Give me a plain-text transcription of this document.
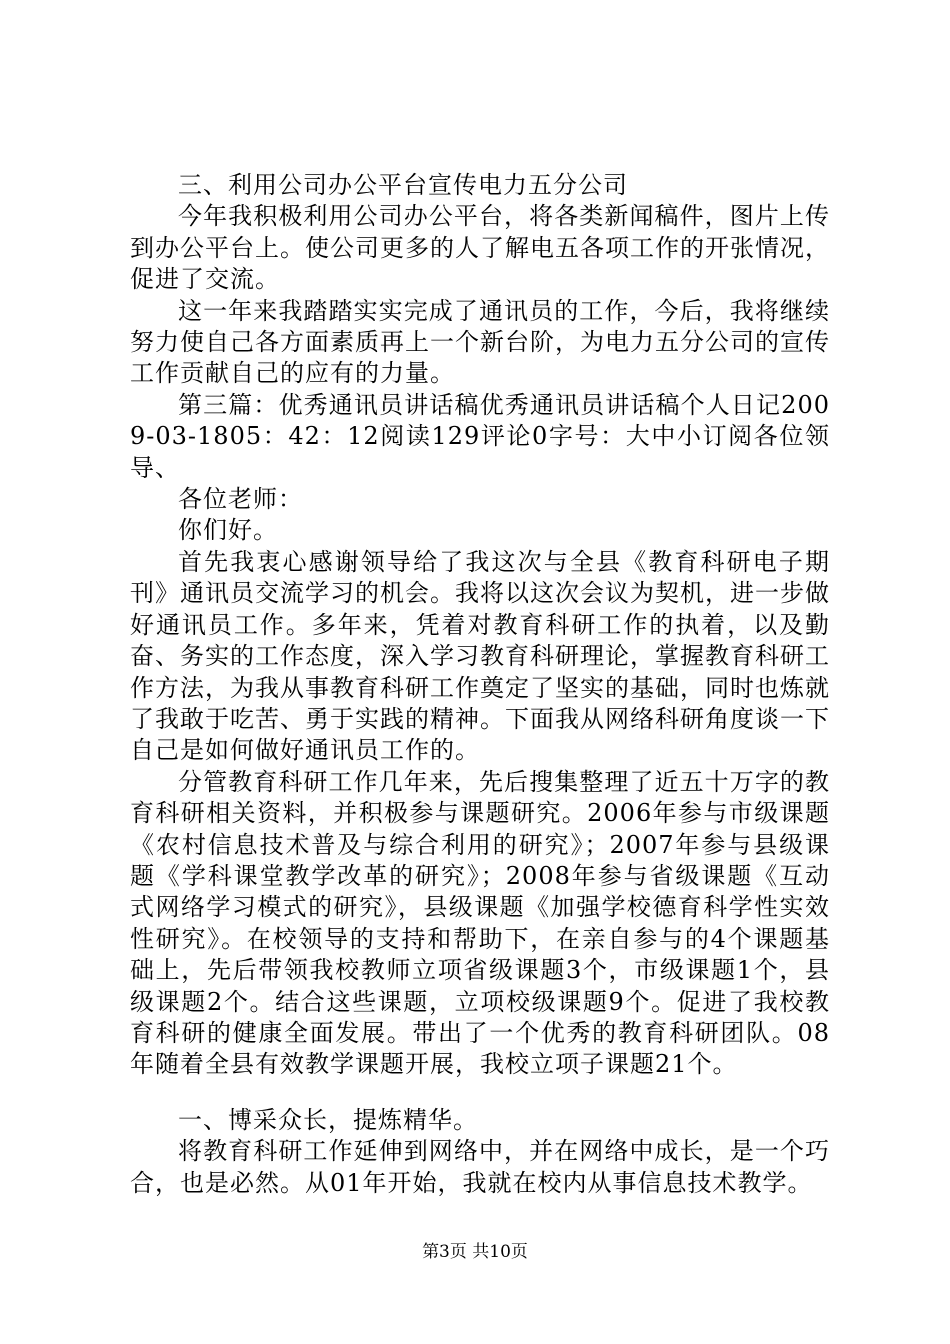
三、利用公司办公平台宣传电力五分公司

今年我积极利用公司办公平台，将各类新闻稿件，图片上传到办公平台上。使公司更多的人了解电五各项工作的开张情况，促进了交流。

这一年来我踏踏实实完成了通讯员的工作，今后，我将继续努力使自己各方面素质再上一个新台阶，为电力五分公司的宣传工作贡献自己的应有的力量。

第三篇：优秀通讯员讲话稿优秀通讯员讲话稿个人日记2009-03-1805：42：12阅读129评论0字号：大中小订阅各位领导、

各位老师：

你们好。

首先我衷心感谢领导给了我这次与全县《教育科研电子期刊》通讯员交流学习的机会。我将以这次会议为契机，进一步做好通讯员工作。多年来，凭着对教育科研工作的执着，以及勤奋、务实的工作态度，深入学习教育科研理论，掌握教育科研工作方法，为我从事教育科研工作奠定了坚实的基础，同时也炼就了我敢于吃苦、勇于实践的精神。下面我从网络科研角度谈一下自己是如何做好通讯员工作的。

分管教育科研工作几年来，先后搜集整理了近五十万字的教育科研相关资料，并积极参与课题研究。2006年参与市级课题《农村信息技术普及与综合利用的研究》；2007年参与县级课题《学科课堂教学改革的研究》；2008年参与省级课题《互动式网络学习模式的研究》，县级课题《加强学校德育科学性实效性研究》。在校领导的支持和帮助下，在亲自参与的4个课题基础上，先后带领我校教师立项省级课题3个，市级课题1个，县级课题2个。结合这些课题，立项校级课题9个。促进了我校教育科研的健康全面发展。带出了一个优秀的教育科研团队。08年随着全县有效教学课题开展，我校立项子课题21个。

一、博采众长，提炼精华。

将教育科研工作延伸到网络中，并在网络中成长，是一个巧合，也是必然。从01年开始，我就在校内从事信息技术教学。

第3页 共10页
